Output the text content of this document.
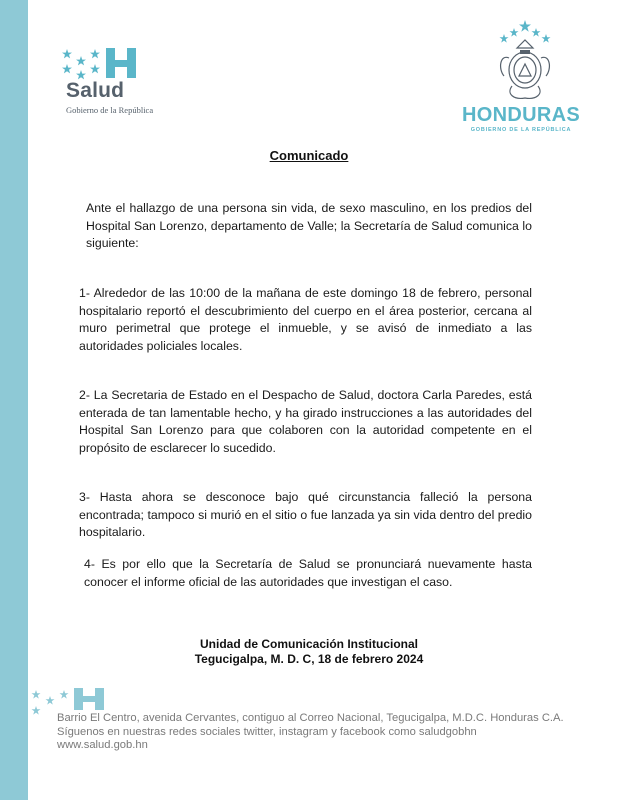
Salud
Gobierno de la República	HONDURAS
GOBIERNO DE LA REPÚBLICA
Comunicado
Ante el hallazgo de una persona sin vida, de sexo masculino, en los predios del Hospital San Lorenzo, departamento de Valle; la Secretaría de Salud comunica lo siguiente:
1- Alrededor de las 10:00 de la mañana de este domingo 18 de febrero, personal hospitalario reportó el descubrimiento del cuerpo en el área posterior, cercana al muro perimetral que protege el inmueble, y se avisó de inmediato a las autoridades policiales locales.
2- La Secretaria de Estado en el Despacho de Salud, doctora Carla Paredes, está enterada de tan lamentable hecho, y ha girado instrucciones a las autoridades del Hospital San Lorenzo para que colaboren con la autoridad competente en el propósito de esclarecer lo sucedido.
3- Hasta ahora se desconoce bajo qué circunstancia falleció la persona encontrada; tampoco si murió en el sitio o fue lanzada ya sin vida dentro del predio hospitalario.
4- Es por ello que la Secretaría de Salud se pronunciará nuevamente hasta conocer el informe oficial de las autoridades que investigan el caso.
Unidad de Comunicación Institucional
Tegucigalpa, M. D. C, 18 de febrero 2024
Barrio El Centro, avenida Cervantes, contiguo al Correo Nacional, Tegucigalpa, M.D.C. Honduras C.A.
Síguenos en nuestras redes sociales twitter, instagram y facebook como saludgobhn
www.salud.gob.hn
